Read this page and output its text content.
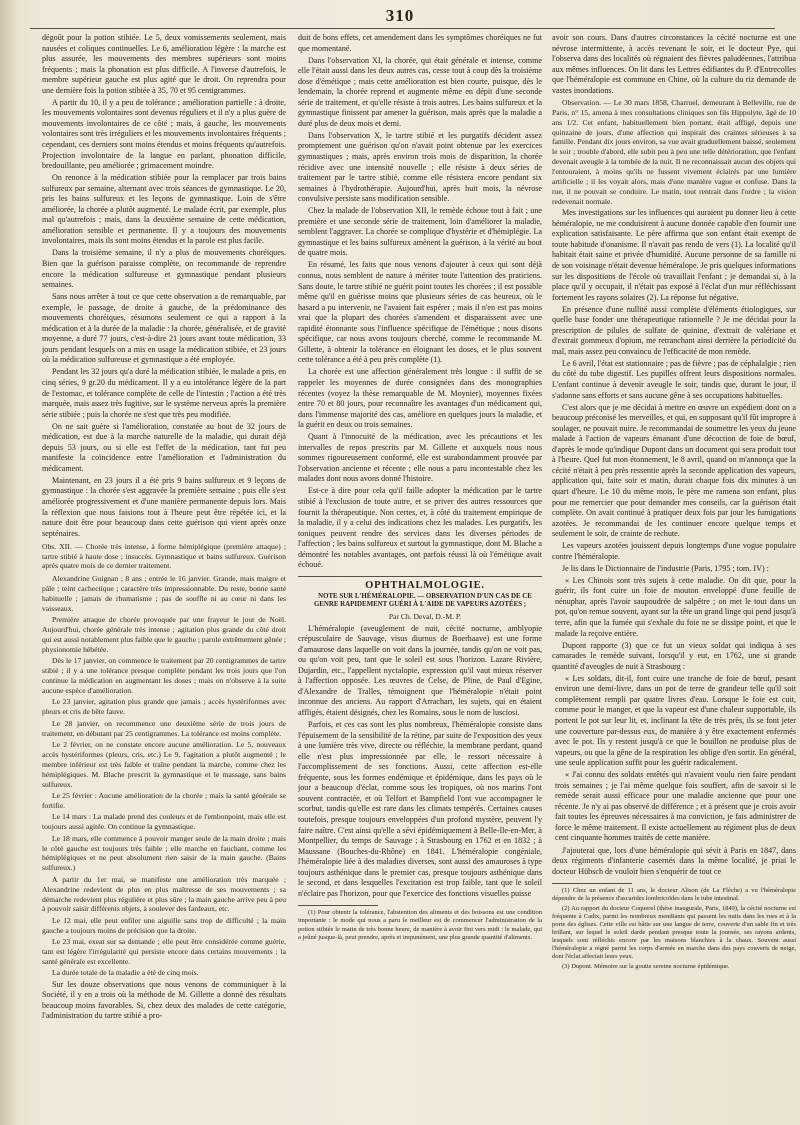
310

dégoût pour la potion stibiée. Le 5, deux vomissements seulement, mais nausées et coliques continuelles. Le 6, amélioration légère : la marche est plus assurée, les mouvements des membres supérieurs sont moins fréquents ; mais la phonation est plus difficile. A l'inverse d'autrefois, le membre supérieur gauche est plus agité que le droit. On reprendra pour une dernière fois la potion stibiée à 35, 70 et 95 centigrammes.

A partir du 10, il y a peu de tolérance ; amélioration partielle : à droite, les mouvements volontaires sont devenus réguliers et il n'y a plus guère de mouvements involontaires de ce côté ; mais, à gauche, les mouvements volontaires sont très irréguliers et les mouvements involontaires fréquents ; cependant, ces derniers sont moins étendus et moins fréquents qu'autrefois. Projection involontaire de la langue en parlant, phonation difficile, bredouillante, peu améliorée ; grimacement moindre.

On renonce à la médication stibiée pour la remplacer par trois bains sulfureux par semaine, alternant avec trois séances de gymnastique. Le 20, pris les bains sulfureux et les leçons de gymnastique. Loin de s'être améliorée, la chorée a plutôt augmenté. Le malade écrit, par exemple, plus mal qu'autrefois ; mais, dans la deuxième semaine de cette médication, amélioration sensible et permanente. Il y a toujours des mouvements involontaires, mais ils sont moins étendus et la parole est plus facile.

Dans la troisième semaine, il n'y a plus de mouvements choréiques. Bien que la guérison paraisse complète, on recommande de reprendre encore la médication sulfureuse et gymnastique pendant plusieurs semaines.

Sans nous arrêter à tout ce que cette observation a de remarquable, par exemple, le passage, de droite à gauche, de la prédominance des mouvements choréiques, résumons seulement ce qui a rapport à la médication et à la durée de la maladie : la chorée, généralisée, et de gravité moyenne, a duré 77 jours, c'est-à-dire 21 jours avant toute médication, 33 jours pendant lesquels on a mis en usage la médication stibiée, et 23 jours où la médication sulfureuse et gymnastique a été employée.

Pendant les 32 jours qu'a duré la médication stibiée, le malade a pris, en cinq séries, 9 gr.20 du médicament. Il y a eu intolérance légère de la part de l'estomac, et tolérance complète de celle de l'intestin ; l'action a été très marquée, mais assez très fugitive, sur le système nerveux après la première série stibiée ; puis la chorée ne s'est que très peu modifiée.

On ne sait guère si l'amélioration, constatée au bout de 32 jours de médication, est due à la marche naturelle de la maladie, qui durait déjà depuis 53 jours, ou si elle est l'effet de la médication, tant fut peu manifeste la coïncidence entre l'amélioration et l'administration du médicament.

Maintenant, en 23 jours il a été pris 9 bains sulfureux et 9 leçons de gymnastique : la chorée s'est aggravée la première semaine ; puis elle s'est améliorée progressivement et d'une manière permanente depuis lors. Mais la réflexion que nous faisions tout à l'heure peut être répétée ici, et la nature doit être pour beaucoup dans cette guérison qui vient après onze septénaires.

Obs. XII. — Chorée très intense, à forme hémiplégique (première attaque) ; tartre stibié à haute dose ; insuccès. Gymnastique et bains sulfureux. Guérison après quatre mois de ce dernier traitement.

Alexandrine Guignan ; 8 ans ; entrée le 16 janvier. Grande, mais maigre et pâle ; teint cachectique ; caractère très impressionnable. Du reste, bonne santé habituelle ; jamais de rhumatisme ; pas de souffle ni au cœur ni dans les vaisseaux.

Première attaque de chorée provoquée par une frayeur le jour de Noël. Aujourd'hui, chorée générale très intense ; agitation plus grande du côté droit qui est aussi notablement plus faible que le gauche ; parole extrêmement gênée ; physionomie hébétée.

Dès le 17 janvier, on commence le traitement par 20 centigrammes de tartre stibié ; il y a une tolérance presque complète pendant les trois jours que l'on continue la médication en augmentant les doses ; mais on n'observe à la suite aucune espèce d'amélioration.

Le 23 janvier, agitation plus grande que jamais ; accès hystériformes avec pleurs et cris de bête fauve.

Le 28 janvier, on recommence une deuxième série de trois jours de traitement, en débutant par 25 centigrammes. La tolérance est moins complète.

Le 2 février, on ne constate encore aucune amélioration. Le 5, nouveaux accès hystériformes (pleurs, cris, etc.) Le 9, l'agitation a plutôt augmenté ; le membre inférieur est très faible et traîne pendant la marche, comme chez les hémiplégiques. M. Blache prescrit la gymnastique et le massage, sans bains sulfureux.

Le 25 février : Aucune amélioration de la chorée ; mais la santé générale se fortifie.

Le 14 mars : La malade prend des couleurs et de l'embonpoint, mais elle est toujours aussi agitée. On continue la gymnastique.

Le 18 mars, elle commence à pouvoir manger seule de la main droite ; mais le côté gauche est toujours très faible ; elle marche en fauchant, comme les hémiplégiques et ne peut absolument rien saisir de la main gauche. (Bains sulfureux.)

A partir du 1er mai, se manifeste une amélioration très marquée ; Alexandrine redevient de plus en plus maîtresse de ses mouvements ; sa démarche redevient plus régulière et plus sûre ; la main gauche arrive peu à peu à pouvoir saisir différents objets, à soulever des fardeaux, etc.

Le 12 mai, elle peut enfiler une aiguille sans trop de difficulté ; la main gauche a toujours moins de précision que la droite.

Le 23 mai, exeat sur sa demande ; elle peut être considérée comme guérie, tant est légère l'irrégularité qui persiste encore dans certains mouvements ; la santé générale est excellente.

La durée totale de la maladie a été de cinq mois.

Sur les douze observations que nous venons de communiquer à la Société, il y en a trois où la méthode de M. Gillette a donné des résultats beaucoup moins favorables. Si, chez deux des malades de cette catégorie, l'administration du tartre stibié a pro-

duit de bons effets, cet amendement dans les symptômes choréiques ne fut que momentané.

Dans l'observation XI, la chorée, qui était générale et intense, comme elle l'était aussi dans les deux autres cas, cesse tout à coup dès la troisième dose d'émétique ; mais cette amélioration est bien courte, puisque, dès le lendemain, la chorée reprend et augmente même en dépit d'une seconde série de traitement, et qu'elle résiste à trois autres. Les bains sulfureux et la gymnastique finissent par amener la guérison, mais après que la maladie a duré plus de deux mois et demi.

Dans l'observation X, le tartre stibié et les purgatifs décident assez promptement une guérison qu'on n'avait point obtenue par les exercices gymnastiques ; mais, après environ trois mois de disparition, la chorée récidive avec une intensité nouvelle ; elle résiste à deux séries de traitement par le tartre stibié, comme elle résistera encore pendant six semaines à l'hydrothérapie. Aujourd'hui, après huit mois, la névrose convulsive persiste sans modification sensible.

Chez la malade de l'observation XII, le remède échoue tout à fait ; une première et une seconde série de traitement, loin d'améliorer la maladie, semblent l'aggraver. La chorée se complique d'hystérie et d'hémiplégie. La gymnastique et les bains sulfureux amènent la guérison, à la vérité au bout de quatre mois.

En résumé, les faits que nous venons d'ajouter à ceux qui sont déjà connus, nous semblent de nature à mériter toute l'attention des praticiens. Sans doute, le tartre stibié ne guérit point toutes les chorées ; il est possible même qu'il en guérisse moins que plusieurs séries de cas heureux, où le hasard a pu intervenir, ne l'avaient fait espérer ; mais il n'en est pas moins vrai que la plupart des chorées s'amendent et disparaissent avec une rapidité étonnante sous l'influence spécifique de l'émétique ; nous disons spécifique, car nous avons toujours cherché, comme le recommande M. Gillette, à obtenir la tolérance en éloignant les doses, et le plus souvent cette tolérance a été à peu près complète (1).

La chorée est une affection généralement très longue : il suffit de se rappeler les moyennes de durée consignées dans des monographies récentes (voyez la thèse remarquable de M. Moynier), moyennes fixées entre 70 et 80 jours, pour reconnaître les avantages d'un médicament qui, dans l'immense majorité des cas, améliore en quelques jours la maladie, et la guérit en deux ou trois semaines.

Quant à l'innocuité de la médication, avec les précautions et les intervalles de repos prescrits par M. Gillette et auxquels nous nous sommes rigoureusement conformé, elle est surabondamment prouvée par l'observation ancienne et récente ; elle nous a paru incontestable chez les malades dont nous avons donné l'histoire.

Est-ce à dire pour cela qu'il faille adopter la médication par le tartre stibié à l'exclusion de toute autre, et se priver des autres ressources que fournit la thérapeutique. Non certes, et, à côté du traitement empirique de la maladie, il y a celui des indications chez les malades. Les purgatifs, les toniques peuvent rendre des services dans les diverses périodes de l'affection ; les bains sulfureux et surtout la gymnastique, dont M. Blache a démontré les notables avantages, ont parfois réussi là où l'émétique avait échoué.

OPHTHALMOLOGIE.

NOTE SUR L'HÉMÉRALOPIE. — OBSERVATION D'UN CAS DE CE GENRE RAPIDEMENT GUÉRI À L'AIDE DE VAPEURS AZOTÉES ;

Par Ch. Deval, D.-M. P.

L'héméralopie (aveuglement de nuit, cécité nocturne, amblyopie crépusculaire de Sauvage, visus diurnus de Boerhaave) est une forme d'amaurose dans laquelle on voit dans la journée, tandis qu'on ne voit pas, ou qu'on voit peu, tant que le soleil est sous l'horizon. Lazare Rivière, Dujardin, etc., l'appellent nyctalopie, expression qu'il vaut mieux réserver à l'affection opposée. Les œuvres de Celse, de Pline, de Paul d'Egine, d'Alexandre de Tralles, témoignent que l'héméralopie n'était point inconnue des anciens. Au rapport d'Arrachart, les sujets, qui en étaient affligés, étaient désignés, chez les Romains, sous le nom de lusciosi.

Parfois, et ces cas sont les plus nombreux, l'héméralopie consiste dans l'épuisement de la sensibilité de la rétine, par suite de l'exposition des yeux à une lumière très vive, directe ou réfléchie, la membrane perdant, quand elle n'est plus impressionnée par elle, le ressort nécessaire à l'accomplissement de ses fonctions. Aussi, cette affection est-elle fréquente, sous les formes endémique et épidémique, dans les pays où le jour a beaucoup d'éclat, comme sous les tropiques, où nos marins l'ont souvent contractée, et où Telfort et Bampfield l'ont vue accompagner le scorbut, tandis qu'elle est rare dans les climats tempérés. Certaines causes toutefois, presque toujours enveloppées d'un profond mystère, peuvent l'y faire naître. C'est ainsi qu'elle a sévi épidémiquement à Belle-Ile-en-Mer, à Montpellier, du temps de Sauvage ; à Strasbourg en 1762 et en 1832 ; à Maussane (Bouches-du-Rhône) en 1841. L'héméralopie congéniale, l'héméralopie liée à des maladies diverses, sont aussi des amauroses à type toujours asthénique dans le premier cas, presque toujours asthénique dans le second, et dans lesquelles l'excitation est trop faible, tant que le soleil n'éclaire pas l'horizon, pour que l'exercice des fonctions visuelles puisse

(1) Pour obtenir la tolérance, l'abstention des aliments et des boissons est une condition importante : le mode qui nous a paru le meilleur est de commencer l'administration de la potion stibiée le matin de très bonne heure, de manière à avoir fini vers midi : le malade, qui a jeûné jusque-là, peut prendre, après et impunément, une plus grande quantité d'aliments.

avoir son cours. Dans d'autres circonstances la cécité nocturne est une névrose intermittente, à accès revenant le soir, et le docteur Pye, qui l'observa dans des localités où régnaient des fièvres paludéennes, l'attribua aux mêmes influences. On lit dans les Lettres édifiantes du P. d'Entrecolles que l'héméralopie est commune en Chine, où la culture du riz demande de vastes inondations.

Observation. — Le 30 mars 1858, Charruel, demeurant à Belleville, rue de Paris, n° 15, amena à mes consultations cliniques son fils Hippolyte, âgé de 10 ans 1/2. Cet enfant, habituellement bien portant, était affligé, depuis une quinzaine de jours, d'une affection qui inspirait des craintes sérieuses à sa famille. Pendant dix jours environ, sa vue avait graduellement baissé, seulement le soir ; trouble d'abord, elle subit peu à peu une telle détérioration, que l'enfant devenait aveugle à la tombée de la nuit. Il ne reconnaissait aucun des objets qui l'entouraient, à moins qu'ils ne fussent vivement éclairés par une lumière artificielle ; il les voyait alors, mais d'une manière vague et confuse. Dans la rue, il ne pouvait se conduire. Le matin, tout rentrait dans l'ordre ; la vision redevenait normale.

Mes investigations sur les influences qui auraient pu donner lieu à cette héméralopie, ne me conduisirent à aucune donnée capable d'en fournir une explication satisfaisante. Le père affirma que son enfant était exempt de toute habitude d'onanisme. Il n'avait pas rendu de vers (1). La localité qu'il habitait était saine et privée d'humidité. Aucune personne de sa famille ni de son voisinage n'était devenue héméralope. Je pris quelques informations sur les dispositions de l'école où travaillait l'enfant ; je demandai si, à la place qu'il y occupait, il n'était pas exposé à l'éclat d'un mur réfléchissant fortement les rayons solaires (2). La réponse fut négative.

En présence d'une nullité aussi complète d'éléments étiologiques, sur quelle base fonder une thérapeutique rationnelle ? Je me décidai pour la prescription de pilules de sulfate de quinine, d'extrait de valériane et d'extrait gommeux d'opium, me retranchant ainsi derrière la périodicité du mal, mais assez peu convaincu de l'efficacité de mon remède.

Le 6 avril, l'état est stationnaire ; pas de fièvre ; pas de céphalalgie ; rien du côté du tube digestif. Les pupilles offrent leurs dispositions normales. L'enfant continue à devenir aveugle le soir, tandis que, durant le jour, il s'adonne sans efforts et sans aucune gêne à ses occupations habituelles.

C'est alors que je me décidai à mettre en œuvre un expédient dont on a beaucoup préconisé les merveilles, et qui, en supposant qu'il fût impropre à soulager, ne pouvait nuire. Je recommandai de soumettre les yeux du jeune malade à l'action de vapeurs émanant d'une décoction de foie de bœuf, d'après le mode qu'indique Dupont dans un document qui sera produit tout à l'heure. Quel fut mon étonnement, le 8 avril, quand on m'annonça que la cécité n'était à peu près ressentie après la seconde application des vapeurs, application qui, faite soir et matin, durait chaque fois dix minutes à un quart d'heure. Le 10 du même mois, le père me ramena son enfant, plus pour me remercier que pour demander mes conseils, car la guérison était complète. On avait continué à pratiquer deux fois par jour les fumigations azotées. Je recommandai de les continuer encore quelque temps et seulement le soir, de crainte de rechute.

Les vapeurs azotées jouissent depuis longtemps d'une vogue populaire contre l'héméralopie.

Je lis dans le Dictionnaire de l'industrie (Paris, 1795 ; tom. IV) :

« Les Chinois sont très sujets à cette maladie. On dit que, pour la guérir, ils font cuire un foie de mouton enveloppé d'une feuille de nénuphar, après l'avoir saupoudrée de salpêtre ; on met le tout dans un pot, qu'on remue souvent, ayant sur la tête un grand linge qui pend jusqu'à terre, afin que la fumée qui s'exhale du foie ne se dissipe point, et que le malade la reçoive entière.

Dupont rapporte (3) que ce fut un vieux soldat qui indiqua à ses camarades le remède suivant, lorsqu'il y eut, en 1762, une si grande quantité d'aveugles de nuit à Strasbourg :

« Les soldats, dit-il, font cuire une tranche de foie de bœuf, pesant environ une demi-livre, dans un pot de terre de grandeur telle qu'il soit complètement rempli par quatre livres d'eau. Lorsque le foie est cuit, comme pour le manger, et que la vapeur est d'une chaleur supportable, ils portent le pot sur leur lit, et, inclinant la tête de très près, ils se font jeter une couverture par-dessus eux, de manière à y être exactement enfermés avec le pot. Ils y restent jusqu'à ce que le bouillon ne produise plus de vapeurs, ou que la gêne de la respiration les oblige d'en sortir. En général, une seule application suffit pour les guérir radicalement.

« J'ai connu des soldats entêtés qui n'avaient voulu rien faire pendant trois semaines ; je l'ai même quelque fois souffert, afin de savoir si le remède serait aussi efficace pour une maladie ancienne que pour une récente. Je n'y ai pas observé de différence ; et à présent que je crois avoir fait toutes les épreuves nécessaires à ma conviction, je fais administrer de force le même traitement. Il existe actuellement au régiment plus de deux cent cinquante hommes traités de cette manière.

J'ajouterai que, lors d'une héméralopie qui sévit à Paris en 1847, dans deux régiments d'infanterie casernés dans la même localité, je priai le docteur Hübsch de vouloir bien s'enquérir de tout ce

(1) Chez un enfant de 11 ans, le docteur Alison (de La Flèche) a vu l'héméralopie dépendre de la présence d'ascarides lombricoïdes dans le tube intestinal.

(2) Au rapport du docteur Coquerel (thèse inaugurale, Paris, 1849), la cécité nocturne est fréquente à Cadix, parmi les nombreux mendiants qui passent les nuits dans les rues et à la porte des églises. Cette ville est bâtie sur une langue de terre, couverte d'un sable fin et très brillant, sur lequel le soleil darde pendant presque toute la journée, ses rayons ardents, lesquels sont réfléchis encore par les maisons blanchies à la chaux. Souvent aussi l'héméralopie a régné parmi les corps d'armée en marche dans des pays couverts de neige, dont l'éclat affectait leurs yeux.

(3) Dupont. Mémoire sur la goutte sereine nocturne épidémique.
